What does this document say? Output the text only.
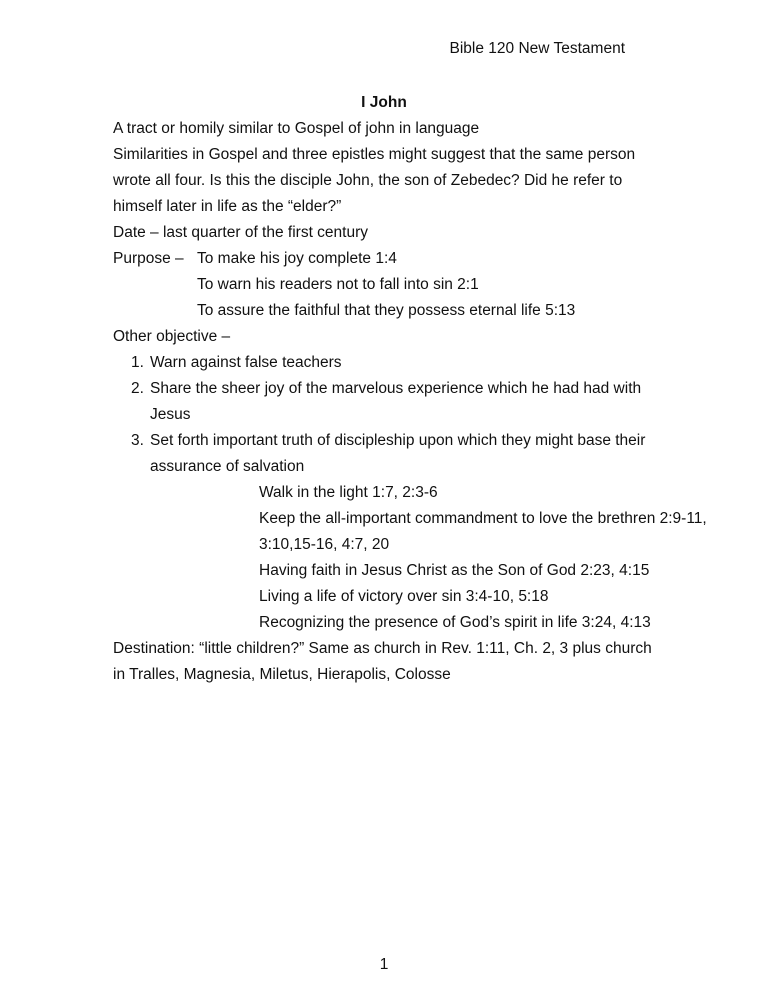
Bible 120 New Testament
I John
A tract or homily similar to Gospel of john in language
Similarities in Gospel and three epistles might suggest that the same person
wrote all four. Is this the disciple John, the son of Zebedec? Did he refer to
himself later in life as the “elder?”
Date – last quarter of the first century
Purpose – To make his joy complete 1:4
To warn his readers not to fall into sin 2:1
To assure the faithful that they possess eternal life 5:13
Other objective –
1. Warn against false teachers
2. Share the sheer joy of the marvelous experience which he had had with
Jesus
3. Set forth important truth of discipleship upon which they might base their
assurance of salvation
Walk in the light 1:7, 2:3-6
Keep the all-important commandment to love the brethren 2:9-11,
3:10,15-16, 4:7, 20
Having faith in Jesus Christ as the Son of God 2:23, 4:15
Living a life of victory over sin 3:4-10, 5:18
Recognizing the presence of God’s spirit in life 3:24, 4:13
Destination: “little children?” Same as church in Rev. 1:11, Ch. 2, 3 plus church
in Tralles, Magnesia, Miletus, Hierapolis, Colosse
1
